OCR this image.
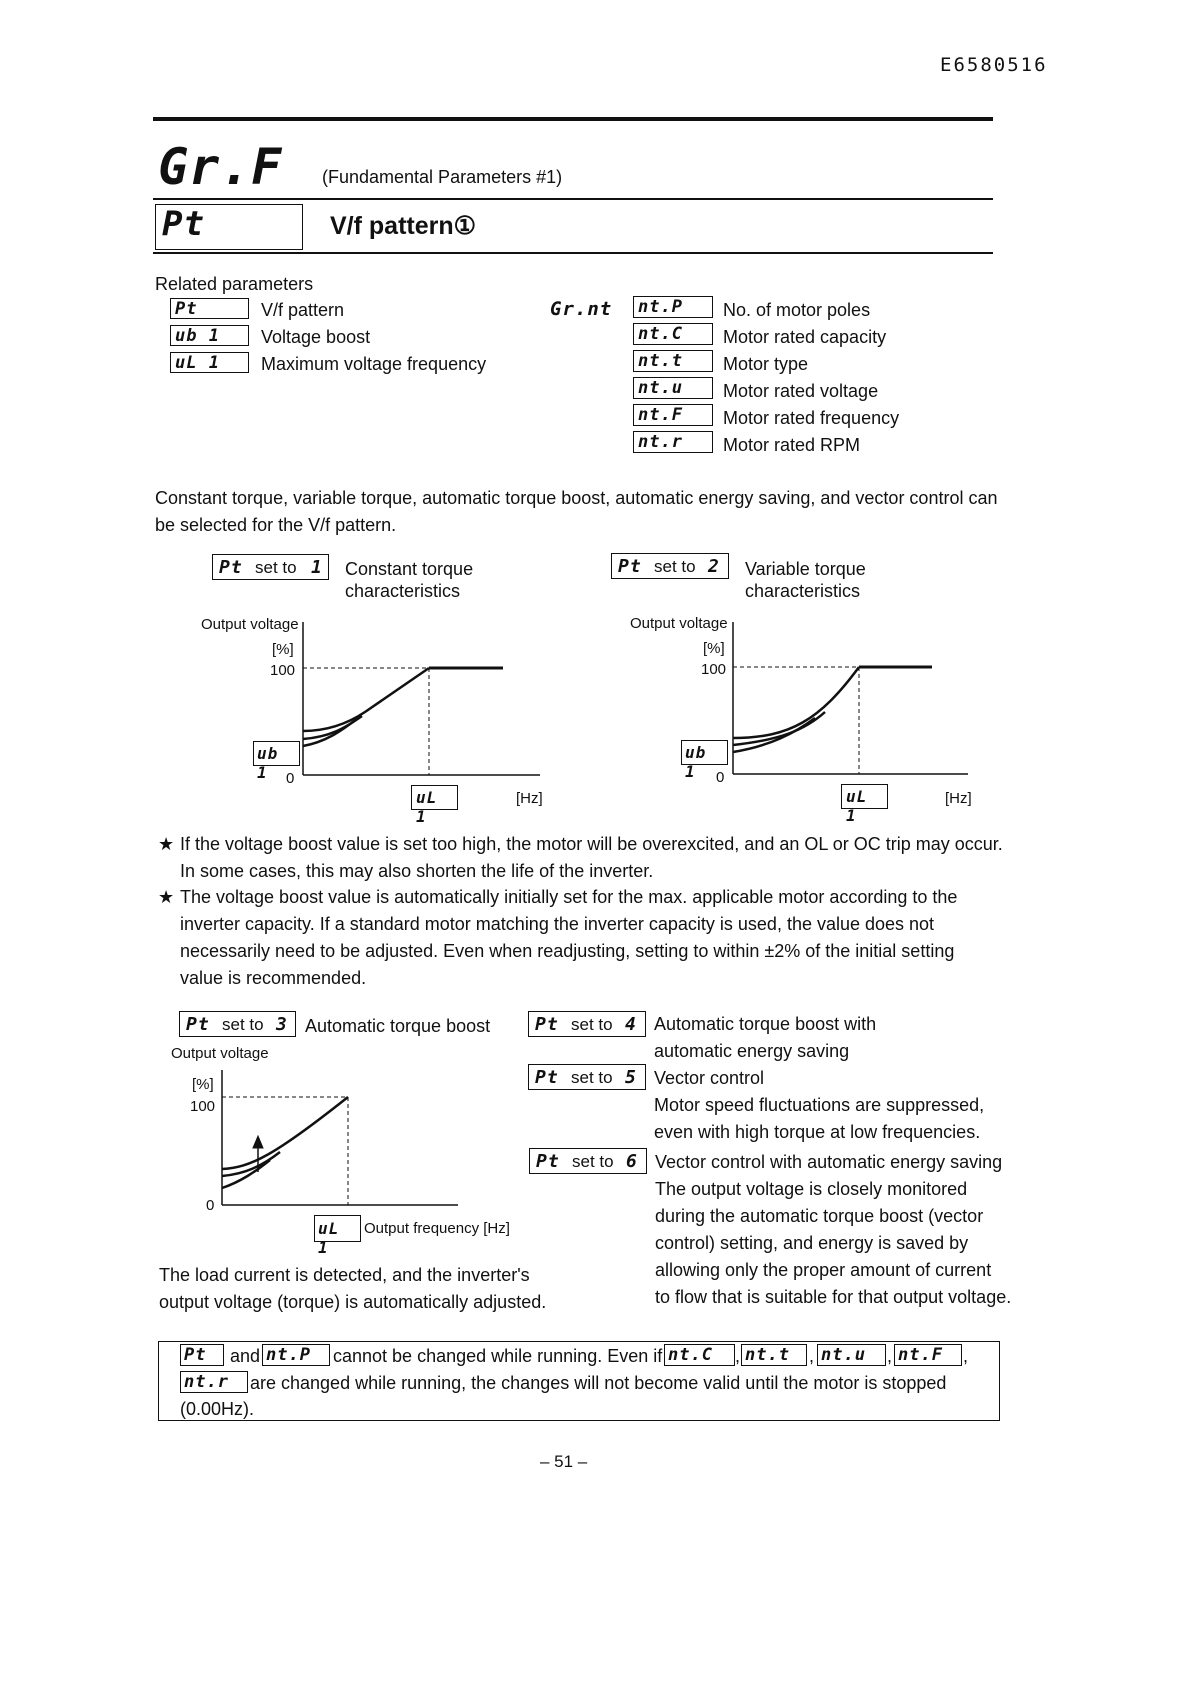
E6580516
Gr.F (Fundamental Parameters #1)
Pt	V/f pattern①
Related parameters
Pt	V/f pattern
ub 1 Voltage boost
uL 1 Maximum voltage frequency
Gr.nt nt.P No. of motor poles
nt.C Motor rated capacity
nt.t Motor type
nt.u Motor rated voltage
nt.F Motor rated frequency
nt.r Motor rated RPM
Constant torque, variable torque, automatic torque boost, automatic energy saving, and vector control can
be selected for the V/f pattern.
Pt set to 1 Constant torque
characteristics
Pt set to 2 Variable torque
characteristics
Output voltage
[%]
100
0
ub 1
uL 1
[Hz]
Output voltage
[%]
100
0
ub 1
uL 1
[Hz]
★ If the voltage boost value is set too high, the motor will be overexcited, and an OL or OC trip may occur.
In some cases, this may also shorten the life of the inverter.
★ The voltage boost value is automatically initially set for the max. applicable motor according to the
inverter capacity. If a standard motor matching the inverter capacity is used, the value does not
necessarily need to be adjusted. Even when readjusting, setting to within ±2% of the initial setting
value is recommended.
Pt set to 3 Automatic torque boost
Output voltage
[%]
100
0
uL 1
Output frequency [Hz]
The load current is detected, and the inverter's
output voltage (torque) is automatically adjusted.
Pt set to 4 Automatic torque boost with
automatic energy saving
Pt set to 5 Vector control
Motor speed fluctuations are suppressed,
even with high torque at low frequencies.
Pt set to 6 Vector control with automatic energy saving
The output voltage is closely monitored
during the automatic torque boost (vector
control) setting, and energy is saved by
allowing only the proper amount of current
to flow that is suitable for that output voltage.
Pt and nt.P cannot be changed while running. Even if nt.C , nt.t , nt.u , nt.F ,
nt.r are changed while running, the changes will not become valid until the motor is stopped
(0.00Hz).
– 51 –
